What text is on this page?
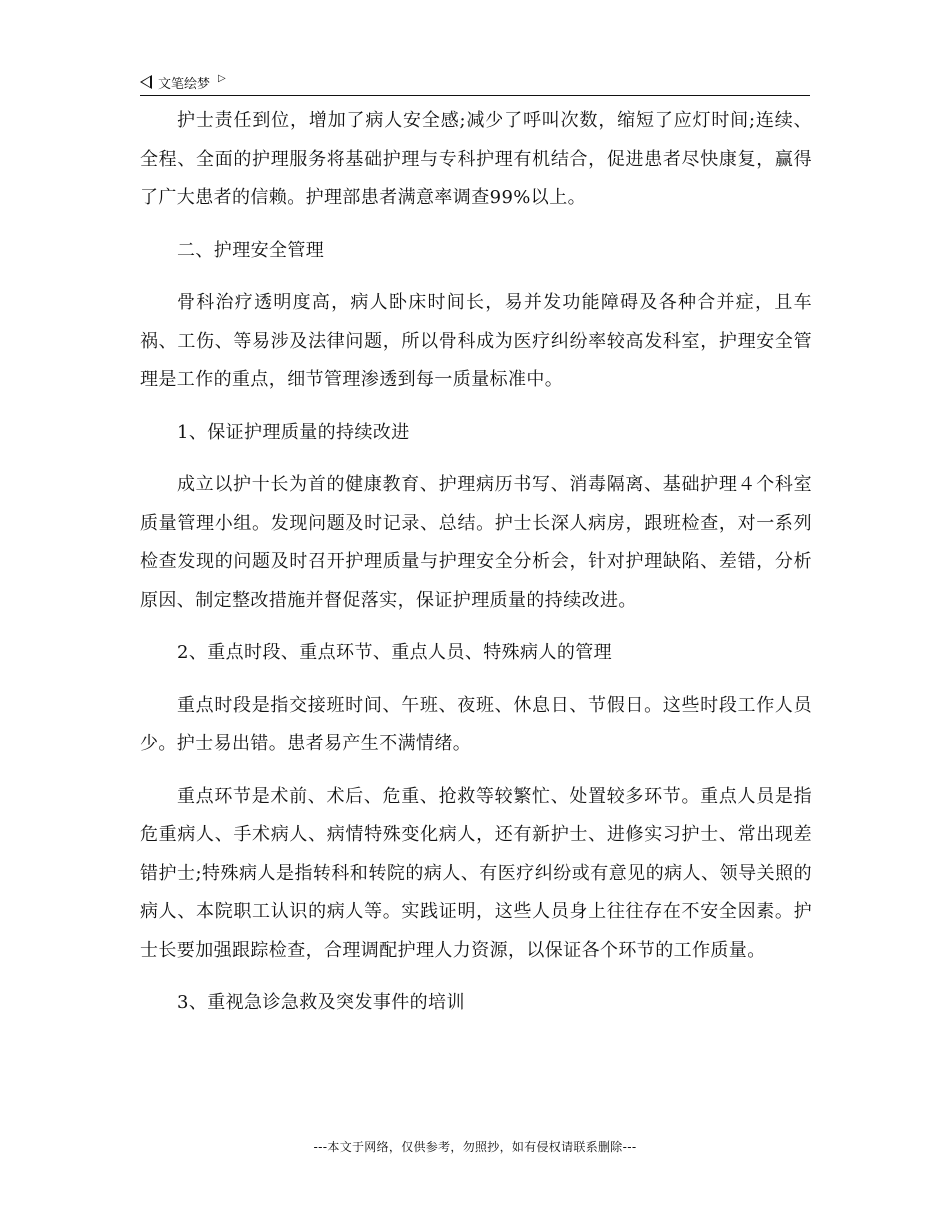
文笔绘梦 ▷

护士责任到位，增加了病人安全感;减少了呼叫次数，缩短了应灯时间;连续、全程、全面的护理服务将基础护理与专科护理有机结合，促进患者尽快康复，赢得了广大患者的信赖。护理部患者满意率调查99%以上。

二、护理安全管理

骨科治疗透明度高，病人卧床时间长，易并发功能障碍及各种合并症，且车祸、工伤、等易涉及法律问题，所以骨科成为医疗纠纷率较高发科室，护理安全管理是工作的重点，细节管理渗透到每一质量标准中。

1、保证护理质量的持续改进

成立以护十长为首的健康教育、护理病历书写、消毒隔离、基础护理４个科室质量管理小组。发现问题及时记录、总结。护士长深人病房，跟班检查，对一系列检查发现的问题及时召开护理质量与护理安全分析会，针对护理缺陷、差错，分析原因、制定整改措施并督促落实，保证护理质量的持续改进。

2、重点时段、重点环节、重点人员、特殊病人的管理

重点时段是指交接班时间、午班、夜班、休息日、节假日。这些时段工作人员少。护士易出错。患者易产生不满情绪。

重点环节是术前、术后、危重、抢救等较繁忙、处置较多环节。重点人员是指危重病人、手术病人、病情特殊变化病人，还有新护士、进修实习护士、常出现差错护士;特殊病人是指转科和转院的病人、有医疗纠纷或有意见的病人、领导关照的病人、本院职工认识的病人等。实践证明，这些人员身上往往存在不安全因素。护士长要加强跟踪检查，合理调配护理人力资源，以保证各个环节的工作质量。

3、重视急诊急救及突发事件的培训

---本文于网络，仅供参考，勿照抄，如有侵权请联系删除---
